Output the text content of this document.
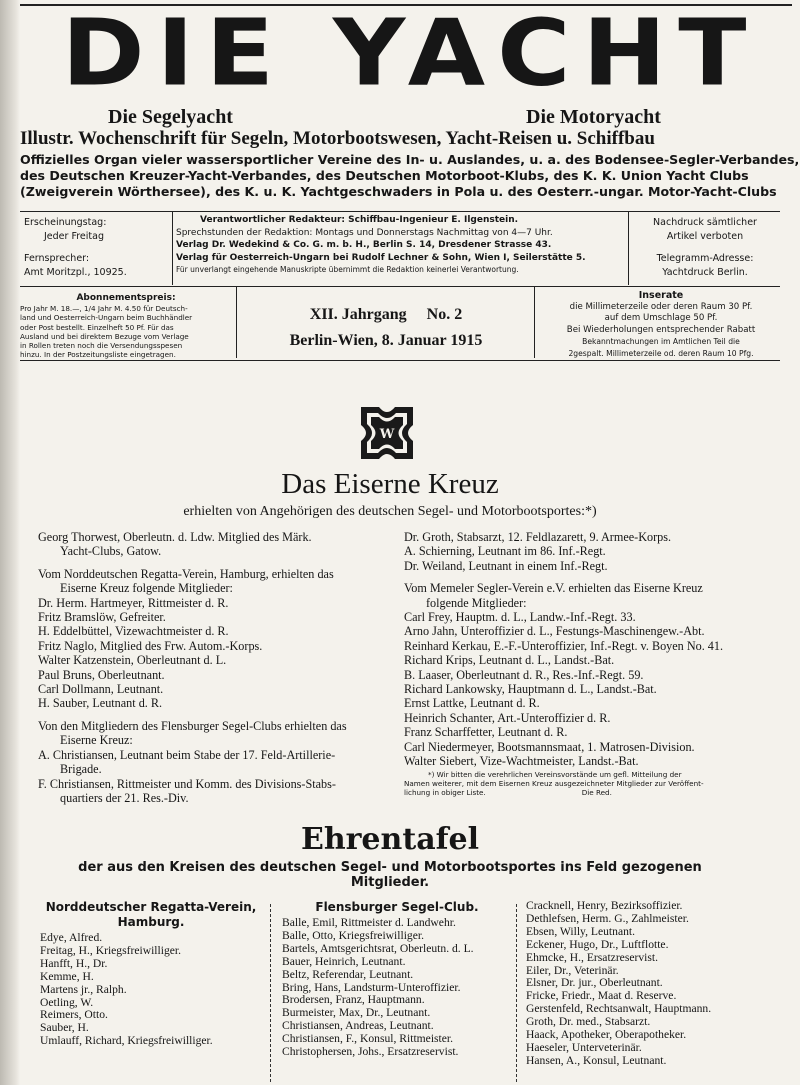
DIE YACHT
Die Segelyacht	Die Motoryacht
Illustr. Wochenschrift für Segeln, Motorbootswesen, Yacht-Reisen u. Schiffbau
Offizielles Organ vieler wassersportlicher Vereine des In- u. Auslandes, u. a. des Bodensee-Segler-Verbandes,
des Deutschen Kreuzer-Yacht-Verbandes, des Deutschen Motorboot-Klubs, des K. K. Union Yacht Clubs
(Zweigverein Wörthersee), des K. u. K. Yachtgeschwaders in Pola u. des Oesterr.-ungar. Motor-Yacht-Clubs
Erscheinungstag:
Jeder Freitag
Fernsprecher:
Amt Moritzpl., 10925.
Verantwortlicher Redakteur: Schiffbau-Ingenieur E. Ilgenstein.
Sprechstunden der Redaktion: Montags und Donnerstags Nachmittag von 4—7 Uhr.
Verlag Dr. Wedekind & Co. G. m. b. H., Berlin S. 14, Dresdener Strasse 43.
Verlag für Oesterreich-Ungarn bei Rudolf Lechner & Sohn, Wien I, Seilerstätte 5.
Für unverlangt eingehende Manuskripte übernimmt die Redaktion keinerlei Verantwortung.
Nachdruck sämtlicher
Artikel verboten
Telegramm-Adresse:
Yachtdruck Berlin.
Abonnementspreis:
Pro Jahr M. 18.—, 1/4 Jahr M. 4.50 für Deutsch-
land und Oesterreich-Ungarn beim Buchhändler
oder Post bestellt. Einzelheft 50 Pf. Für das
Ausland und bei direktem Bezuge vom Verlage
in Rollen treten noch die Versendungsspesen
hinzu. In der Postzeitungsliste eingetragen.
XII. Jahrgang     No. 2
Berlin-Wien, 8. Januar 1915
Inserate
die Millimeterzeile oder deren Raum 30 Pf.
auf dem Umschlage 50 Pf.
Bei Wiederholungen entsprechender Rabatt
Bekanntmachungen im Amtlichen Teil die
2gespalt. Millimeterzeile od. deren Raum 10 Pfg.
W
Das Eiserne Kreuz
erhielten von Angehörigen des deutschen Segel- und Motorbootsportes:*)
Georg Thorwest, Oberleutn. d. Ldw. Mitglied des Märk.
Yacht-Clubs, Gatow.
Vom Norddeutschen Regatta-Verein, Hamburg, erhielten das
Eiserne Kreuz folgende Mitglieder:
Dr. Herm. Hartmeyer, Rittmeister d. R.
Fritz Bramslöw, Gefreiter.
H. Eddelbüttel, Vizewachtmeister d. R.
Fritz Naglo, Mitglied des Frw. Autom.-Korps.
Walter Katzenstein, Oberleutnant d. L.
Paul Bruns, Oberleutnant.
Carl Dollmann, Leutnant.
H. Sauber, Leutnant d. R.
Von den Mitgliedern des Flensburger Segel-Clubs erhielten das
Eiserne Kreuz:
A. Christiansen, Leutnant beim Stabe der 17. Feld-Artillerie-
Brigade.
F. Christiansen, Rittmeister und Komm. des Divisions-Stabs-
quartiers der 21. Res.-Div.
Dr. Groth, Stabsarzt, 12. Feldlazarett, 9. Armee-Korps.
A. Schierning, Leutnant im 86. Inf.-Regt.
Dr. Weiland, Leutnant in einem Inf.-Regt.
Vom Memeler Segler-Verein e.V. erhielten das Eiserne Kreuz
folgende Mitglieder:
Carl Frey, Hauptm. d. L., Landw.-Inf.-Regt. 33.
Arno Jahn, Unteroffizier d. L., Festungs-Maschinengew.-Abt.
Reinhard Kerkau, E.-F.-Unteroffizier, Inf.-Regt. v. Boyen No. 41.
Richard Krips, Leutnant d. L., Landst.-Bat.
B. Laaser, Oberleutnant d. R., Res.-Inf.-Regt. 59.
Richard Lankowsky, Hauptmann d. L., Landst.-Bat.
Ernst Lattke, Leutnant d. R.
Heinrich Schanter, Art.-Unteroffizier d. R.
Franz Scharffetter, Leutnant d. R.
Carl Niedermeyer, Bootsmannsmaat, 1. Matrosen-Division.
Walter Siebert, Vize-Wachtmeister, Landst.-Bat.
*) Wir bitten die verehrlichen Vereinsvorstände um gefl. Mitteilung der
Namen weiterer, mit dem Eisernen Kreuz ausgezeichneter Mitglieder zur Veröffent-
lichung in obiger Liste.                                          Die Red.
Ehrentafel
der aus den Kreisen des deutschen Segel- und Motorbootsportes ins Feld gezogenen Mitglieder.
Norddeutscher Regatta-Verein,
Hamburg.
Edye, Alfred.
Freitag, H., Kriegsfreiwilliger.
Hanfft, H., Dr.
Kemme, H.
Martens jr., Ralph.
Oetling, W.
Reimers, Otto.
Sauber, H.
Umlauff, Richard, Kriegsfreiwilliger.
Flensburger Segel-Club.
Balle, Emil, Rittmeister d. Landwehr.
Balle, Otto, Kriegsfreiwilliger.
Bartels, Amtsgerichtsrat, Oberleutn. d. L.
Bauer, Heinrich, Leutnant.
Beltz, Referendar, Leutnant.
Bring, Hans, Landsturm-Unteroffizier.
Brodersen, Franz, Hauptmann.
Burmeister, Max, Dr., Leutnant.
Christiansen, Andreas, Leutnant.
Christiansen, F., Konsul, Rittmeister.
Christophersen, Johs., Ersatzreservist.
Cracknell, Henry, Bezirksoffizier.
Dethlefsen, Herm. G., Zahlmeister.
Ebsen, Willy, Leutnant.
Eckener, Hugo, Dr., Luftflotte.
Ehmcke, H., Ersatzreservist.
Eiler, Dr., Veterinär.
Elsner, Dr. jur., Oberleutnant.
Fricke, Friedr., Maat d. Reserve.
Gerstenfeld, Rechtsanwalt, Hauptmann.
Groth, Dr. med., Stabsarzt.
Haack, Apotheker, Oberapotheker.
Haeseler, Unterveterinär.
Hansen, A., Konsul, Leutnant.
